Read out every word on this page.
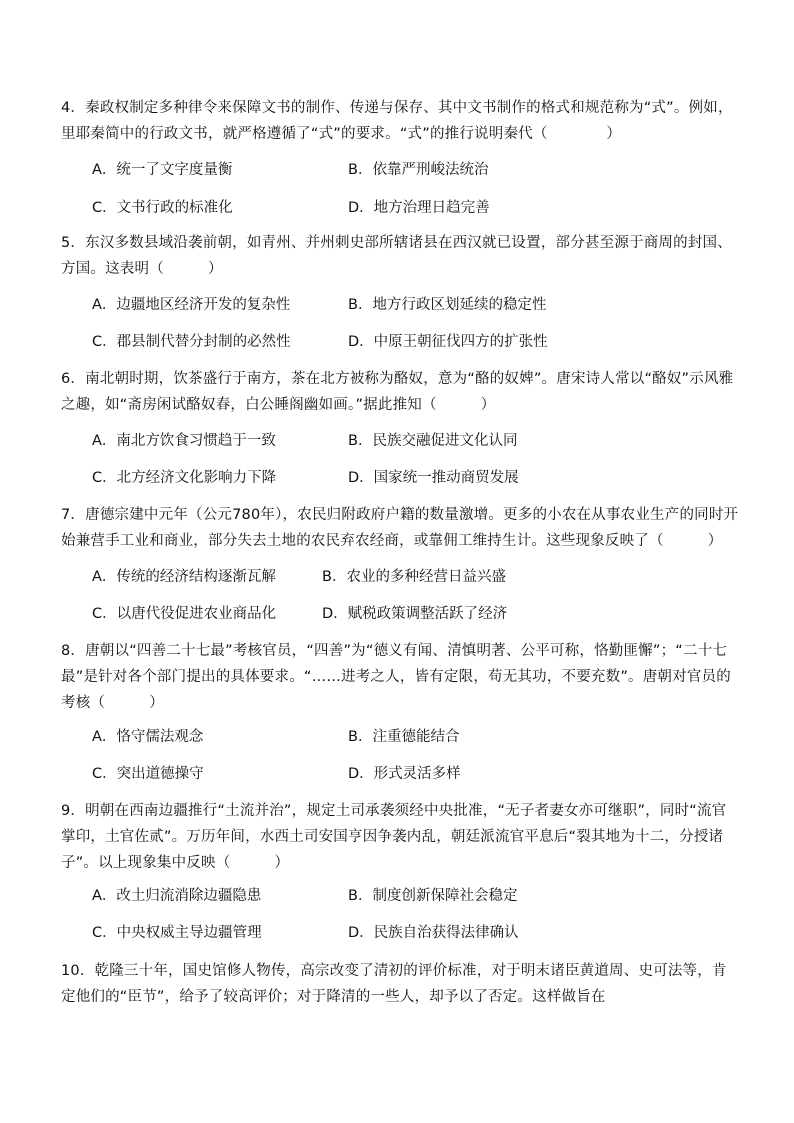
4．秦政权制定多种律令来保障文书的制作、传递与保存、其中文书制作的格式和规范称为“式”。例如，里耶秦简中的行政文书，就严格遵循了“式”的要求。“式”的推行说明秦代（　　　　）
A．统一了文字度量衡	B．依靠严刑峻法统治
C．文书行政的标准化	D．地方治理日趋完善
5．东汉多数县域沿袭前朝，如青州、并州刺史部所辖诸县在西汉就已设置，部分甚至源于商周的封国、方国。这表明（　　　）
A．边疆地区经济开发的复杂性	B．地方行政区划延续的稳定性
C．郡县制代替分封制的必然性	D．中原王朝征伐四方的扩张性
6．南北朝时期，饮茶盛行于南方，茶在北方被称为酪奴，意为“酪的奴婢”。唐宋诗人常以“酪奴”示风雅之趣，如“斋房闲试酪奴春，白公睡阁幽如画。”据此推知（　　　）
A．南北方饮食习惯趋于一致	B．民族交融促进文化认同
C．北方经济文化影响力下降	D．国家统一推动商贸发展
7．唐德宗建中元年（公元780年），农民归附政府户籍的数量激增。更多的小农在从事农业生产的同时开始兼营手工业和商业，部分失去土地的农民弃农经商，或靠佣工维持生计。这些现象反映了（　　　）
A．传统的经济结构逐渐瓦解	B．农业的多种经营日益兴盛
C．以唐代役促进农业商品化	D．赋税政策调整活跃了经济
8．唐朝以“四善二十七最”考核官员，“四善”为“德义有闻、清慎明著、公平可称，恪勤匪懈”；“二十七最”是针对各个部门提出的具体要求。“……进考之人，皆有定限，苟无其功，不要充数”。唐朝对官员的考核（　　　）
A．恪守儒法观念	B．注重德能结合
C．突出道德操守	D．形式灵活多样
9．明朝在西南边疆推行“土流并治”，规定土司承袭须经中央批准，“无子者妻女亦可继职”，同时“流官掌印，土官佐贰”。万历年间，水西土司安国亨因争袭内乱，朝廷派流官平息后“裂其地为十二，分授诸子”。以上现象集中反映（　　　）
A．改土归流消除边疆隐患	B．制度创新保障社会稳定
C．中央权威主导边疆管理	D．民族自治获得法律确认
10．乾隆三十年，国史馆修人物传，高宗改变了清初的评价标准，对于明末诸臣黄道周、史可法等，肯定他们的“臣节”，给予了较高评价；对于降清的一些人，却予以了否定。这样做旨在
